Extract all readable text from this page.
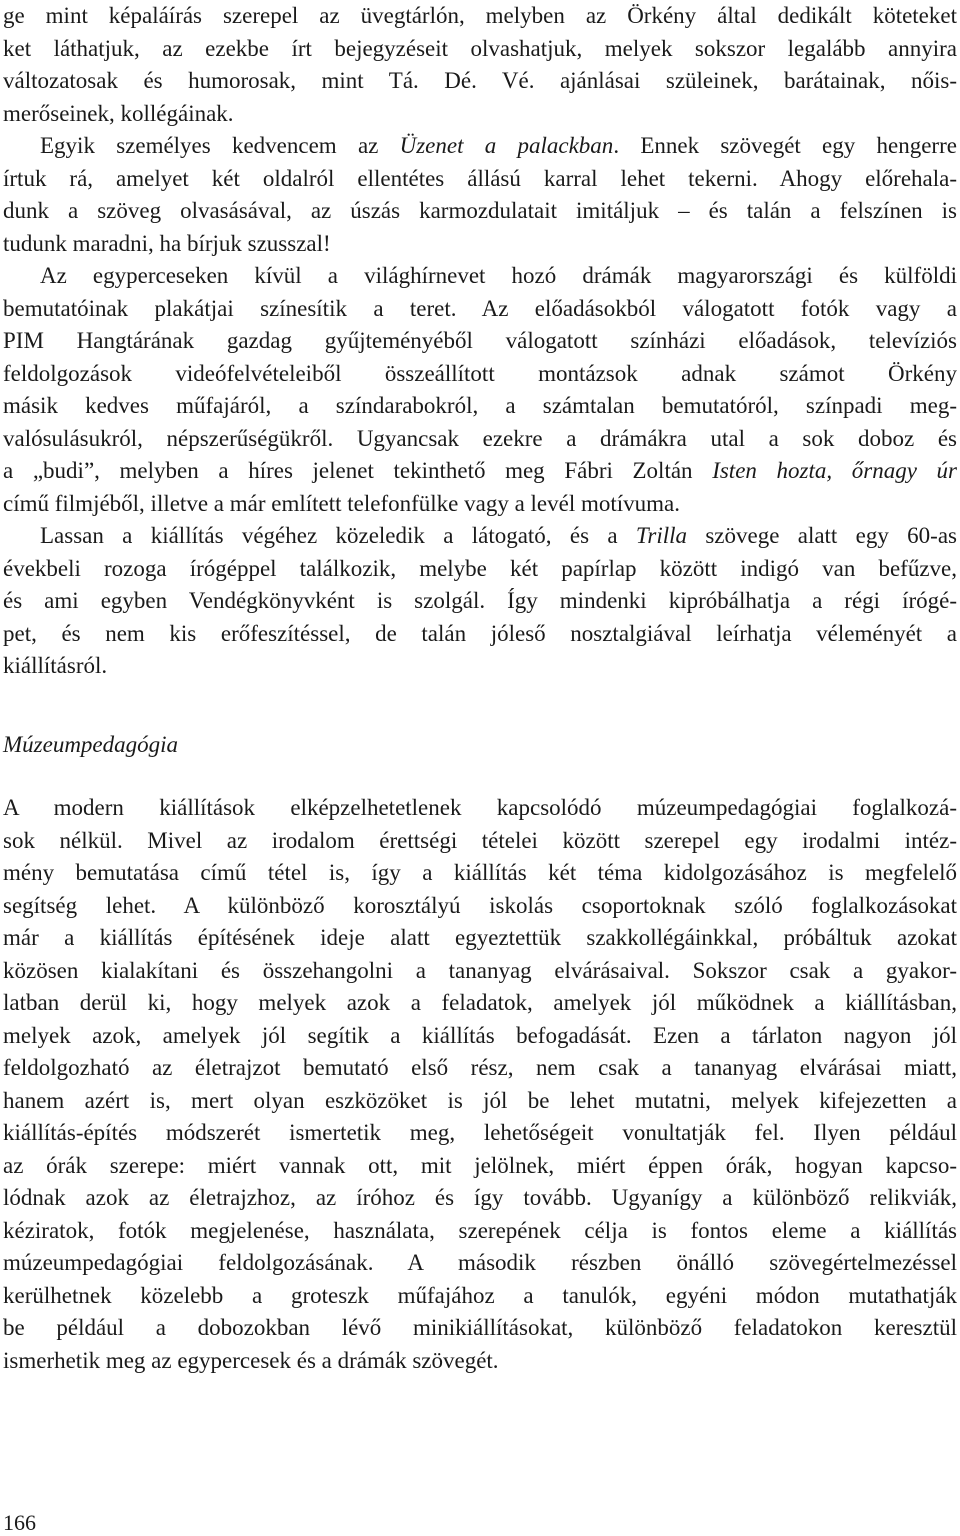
ge mint képaláírás szerepel az üvegtárlón, melyben az Örkény által dedikált köteteket
ket láthatjuk, az ezekbe írt bejegyzéseit olvashatjuk, melyek sokszor legalább annyira
változatosak és humorosak, mint Tá. Dé. Vé. ajánlásai szüleinek, barátainak, nőis-
merőseinek, kollégáinak.
Egyik személyes kedvencem az Üzenet a palackban. Ennek szövegét egy hengerre
írtuk rá, amelyet két oldalról ellentétes állású karral lehet tekerni. Ahogy előrehala-
dunk a szöveg olvasásával, az úszás karmozdulatait imitáljuk – és talán a felszínen is
tudunk maradni, ha bírjuk szusszal!
Az egyperceseken kívül a világhírnevet hozó drámák magyarországi és külföldi
bemutatóinak plakátjai színesítik a teret. Az előadásokból válogatott fotók vagy a
PIM Hangtárának gazdag gyűjteményéből válogatott színházi előadások, televíziós
feldolgozások videófelvételeiből összeállított montázsok adnak számot Örkény
másik kedves műfajáról, a színdarabokról, a számtalan bemutatóról, színpadi meg-
valósulásukról, népszerűségükről. Ugyancsak ezekre a drámákra utal a sok doboz és
a „budi”, melyben a híres jelenet tekinthető meg Fábri Zoltán Isten hozta, őrnagy úr
című filmjéből, illetve a már említett telefonfülke vagy a levél motívuma.
Lassan a kiállítás végéhez közeledik a látogató, és a Trilla szövege alatt egy 60-as
évekbeli rozoga írógéppel találkozik, melybe két papírlap között indigó van befűzve,
és ami egyben Vendégkönyvként is szolgál. Így mindenki kipróbálhatja a régi írógé-
pet, és nem kis erőfeszítéssel, de talán jóleső nosztalgiával leírhatja véleményét a
kiállításról.
Múzeumpedagógia
A modern kiállítások elképzelhetetlenek kapcsolódó múzeumpedagógiai foglalkozá-
sok nélkül. Mivel az irodalom érettségi tételei között szerepel egy irodalmi intéz-
mény bemutatása című tétel is, így a kiállítás két téma kidolgozásához is megfelelő
segítség lehet. A különböző korosztályú iskolás csoportoknak szóló foglalkozásokat
már a kiállítás építésének ideje alatt egyeztettük szakkollégáinkkal, próbáltuk azokat
közösen kialakítani és összehangolni a tananyag elvárásaival. Sokszor csak a gyakor-
latban derül ki, hogy melyek azok a feladatok, amelyek jól működnek a kiállításban,
melyek azok, amelyek jól segítik a kiállítás befogadását. Ezen a tárlaton nagyon jól
feldolgozható az életrajzot bemutató első rész, nem csak a tananyag elvárásai miatt,
hanem azért is, mert olyan eszközöket is jól be lehet mutatni, melyek kifejezetten a
kiállítás-építés módszerét ismertetik meg, lehetőségeit vonultatják fel. Ilyen például
az órák szerepe: miért vannak ott, mit jelölnek, miért éppen órák, hogyan kapcso-
lódnak azok az életrajzhoz, az íróhoz és így tovább. Ugyanígy a különböző relikviák,
kéziratok, fotók megjelenése, használata, szerepének célja is fontos eleme a kiállítás
múzeumpedagógiai feldolgozásának. A második részben önálló szövegértelmezéssel
kerülhetnek közelebb a groteszk műfajához a tanulók, egyéni módon mutathatják
be például a dobozokban lévő minikiállításokat, különböző feladatokon keresztül
ismerhetik meg az egypercesek és a drámák szövegét.
166
